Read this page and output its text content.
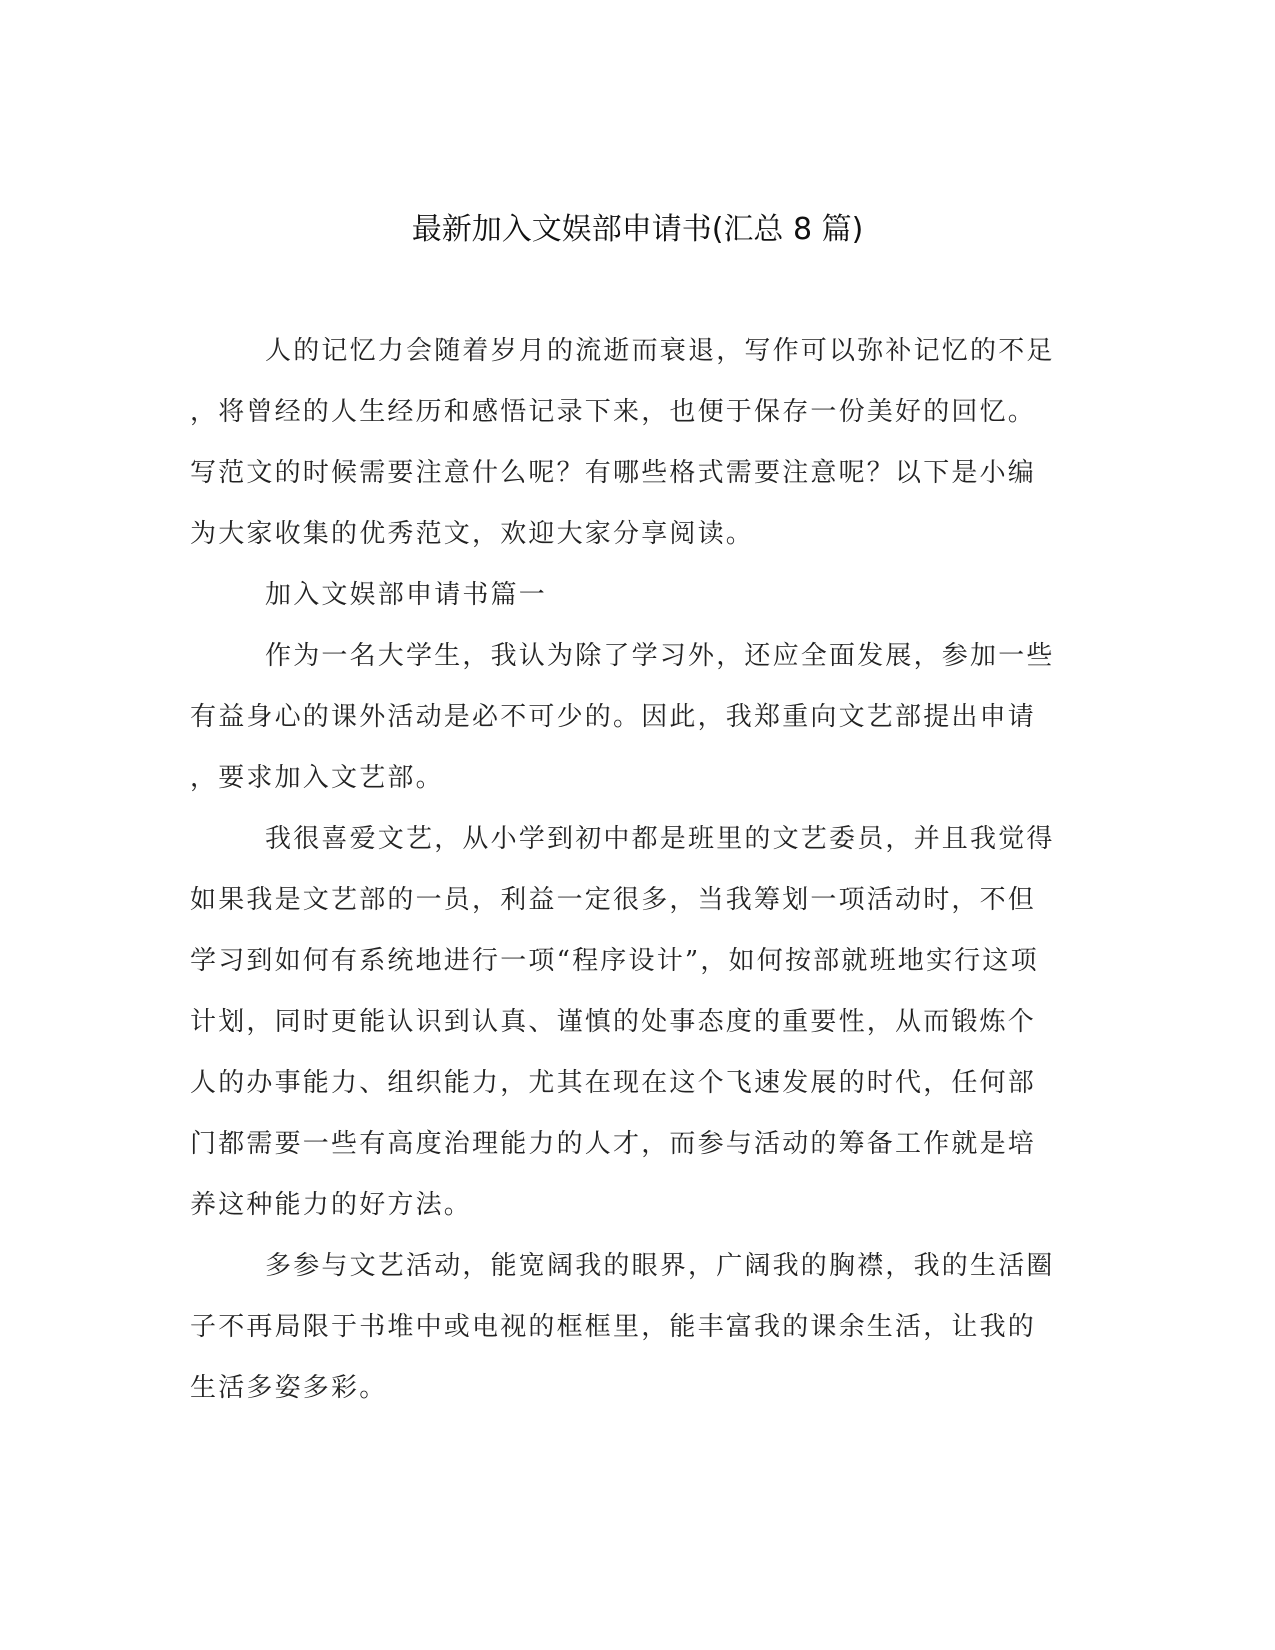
最新加入文娱部申请书(汇总 8 篇)
人的记忆力会随着岁月的流逝而衰退，写作可以弥补记忆的不足
，将曾经的人生经历和感悟记录下来，也便于保存一份美好的回忆。
写范文的时候需要注意什么呢？有哪些格式需要注意呢？以下是小编
为大家收集的优秀范文，欢迎大家分享阅读。
加入文娱部申请书篇一
作为一名大学生，我认为除了学习外，还应全面发展，参加一些
有益身心的课外活动是必不可少的。因此，我郑重向文艺部提出申请
，要求加入文艺部。
我很喜爱文艺，从小学到初中都是班里的文艺委员，并且我觉得
如果我是文艺部的一员，利益一定很多，当我筹划一项活动时，不但
学习到如何有系统地进行一项“程序设计”，如何按部就班地实行这项
计划，同时更能认识到认真、谨慎的处事态度的重要性，从而锻炼个
人的办事能力、组织能力，尤其在现在这个飞速发展的时代，任何部
门都需要一些有高度治理能力的人才，而参与活动的筹备工作就是培
养这种能力的好方法。
多参与文艺活动，能宽阔我的眼界，广阔我的胸襟，我的生活圈
子不再局限于书堆中或电视的框框里，能丰富我的课余生活，让我的
生活多姿多彩。
